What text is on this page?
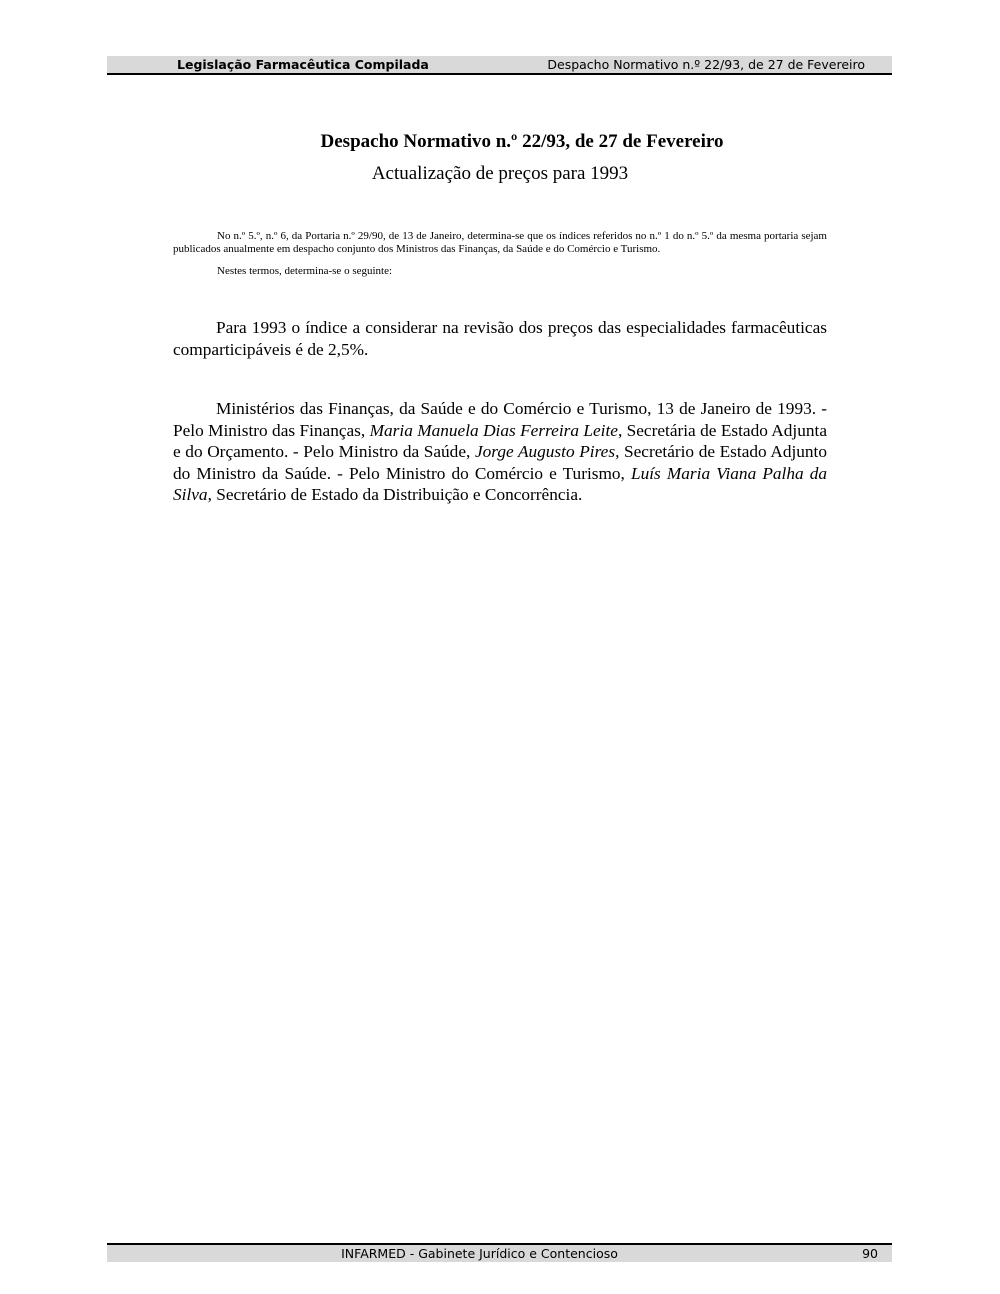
Legislação Farmacêutica Compilada	Despacho Normativo n.º 22/93, de 27 de Fevereiro
Despacho Normativo n.º 22/93, de 27 de Fevereiro
Actualização de preços para 1993

No n.º 5.º, n.º 6, da Portaria n.º 29/90, de 13 de Janeiro, determina-se que os índices referidos no n.º 1 do n.º 5.º da mesma portaria sejam publicados anualmente em despacho conjunto dos Ministros das Finanças, da Saúde e do Comércio e Turismo.

Nestes termos, determina-se o seguinte:

Para 1993 o índice a considerar na revisão dos preços das especialidades farmacêuticas comparticipáveis é de 2,5%.

Ministérios das Finanças, da Saúde e do Comércio e Turismo, 13 de Janeiro de 1993. - Pelo Ministro das Finanças, Maria Manuela Dias Ferreira Leite, Secretária de Estado Adjunta e do Orçamento. - Pelo Ministro da Saúde, Jorge Augusto Pires, Secretário de Estado Adjunto do Ministro da Saúde. - Pelo Ministro do Comércio e Turismo, Luís Maria Viana Palha da Silva, Secretário de Estado da Distribuição e Concorrência.

INFARMED - Gabinete Jurídico e Contencioso	90
